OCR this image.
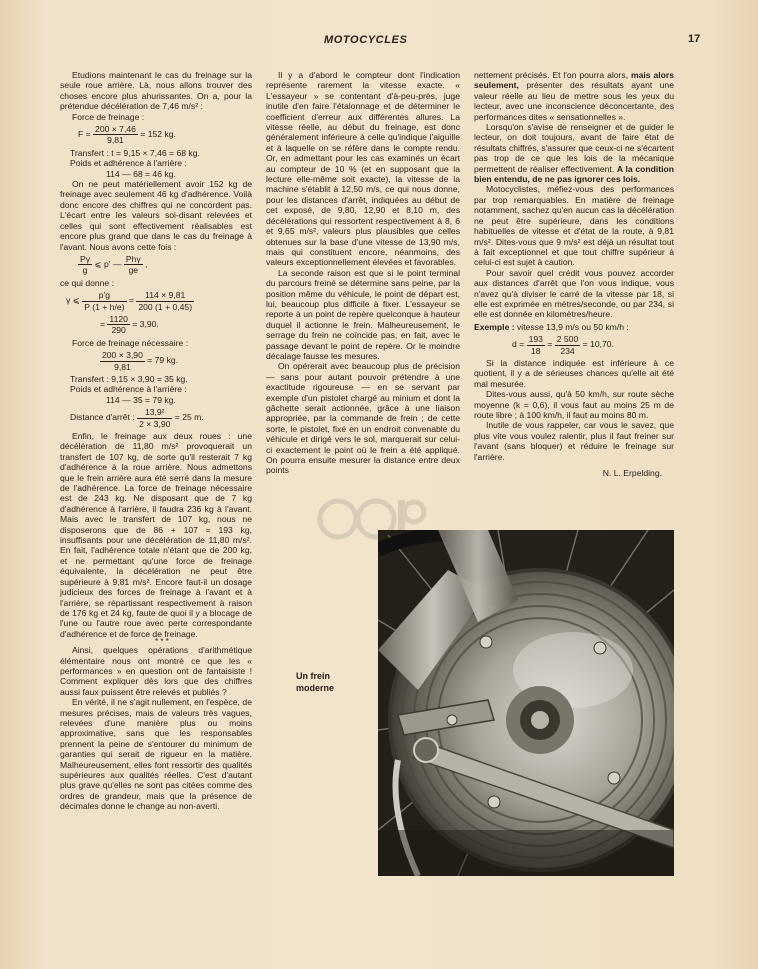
MOTOCYCLES	17

Etudions maintenant le cas du freinage sur la seule roue arrière. Là, nous allons trouver des choses encore plus ahurissantes. On a, pour la prétendue décélération de 7,46 m/s² :

Force de freinage :

$F = \frac{200 \times 7,46}{9,81} = 152$ kg.

Transfert : t = 9,15 × 7,46 = 68 kg.

Poids et adhérence à l'arrière :

114 — 68 = 46 kg.

On ne peut matériellement avoir 152 kg de freinage avec seulement 46 kg d'adhérence. Voilà donc encore des chiffres qui ne concordent pas. L'écart entre les valeurs soi-disant relevées et celles qui sont effectivement réalisables est encore plus grand que dans le cas du freinage à l'avant. Nous avons cette fois :

$\frac{P\gamma}{g}$ ⩽ p' — $\frac{\text{Phγ}}{ge}$ ,

ce qui donne :

γ ⩽ $\frac{p'g}{P (1 + h/e)} = \frac{114 \times 9,81}{200 (1 + 0,45)}$
= $\frac{1120}{290} = 3,90$.

Force de freinage nécessaire :

$\frac{200 \times 3,90}{9,81} = 79$ kg.

Transfert : 9,15 × 3,90 = 35 kg.

Poids et adhérence à l'arrière :

114 — 35 = 79 kg.

Distance d'arrêt : $\frac{\text{13,9²}}{2 \times 3,90} = 25$ m.

Enfin, le freinage aux deux roues : une décélération de 11,80 m/s² provoquerait un transfert de 107 kg, de sorte qu'il resterait 7 kg d'adhérence à la roue arrière. Nous admettons que le frein arrière aura été serré dans la mesure de l'adhérence. La force de freinage nécessaire est de 243 kg. Ne disposant que de 7 kg d'adhérence à l'arrière, il faudra 236 kg à l'avant. Mais avec le transfert de 107 kg, nous ne disposerons que de 86 + 107 = 193 kg, insuffisants pour une décélération de 11,80 m/s². En fait, l'adhérence totale n'étant que de 200 kg, et ne permettant qu'une force de freinage équivalente, la décélération ne peut être supérieure à 9,81 m/s². Encore faut-il un dosage judicieux des forces de freinage à l'avant et à l'arrière, se répartissant respectivement à raison de 176 kg et 24 kg, faute de quoi il y a blocage de l'une ou l'autre roue avec perte correspondante d'adhérence et de force de freinage.

* * *

Ainsi, quelques opérations d'arithmétique élémentaire nous ont montré ce que les « performances » en question ont de fantaisiste ! Comment expliquer dès lors que des chiffres aussi faux puissent être relevés et publiés ?

En vérité, il ne s'agit nullement, en l'espèce, de mesures précises, mais de valeurs très vagues, relevées d'une manière plus ou moins approximative, sans que les responsables prennent la peine de s'entourer du minimum de garanties qui serait de rigueur en la matière. Malheureusement, elles font ressortir des qualités supérieures aux qualités réelles. C'est d'autant plus grave qu'elles ne sont pas citées comme des ordres de grandeur, mais que la présence de décimales donne le change au non-averti.

Il y a d'abord le compteur dont l'indication représente rarement la vitesse exacte. « L'essayeur » se contentant d'à-peu-près, juge inutile d'en faire l'étalonnage et de déterminer le coefficient d'erreur aux différentes allures. La vitesse réelle, au début du freinage, est donc généralement inférieure à celle qu'indique l'aiguille et à laquelle on se réfère dans le compte rendu. Or, en admettant pour les cas examinés un écart au compteur de 10 % (et en supposant que la lecture elle-même soit exacte), la vitesse de la machine s'établit à 12,50 m/s, ce qui nous donne, pour les distances d'arrêt, indiquées au début de cet exposé, de 9,80, 12,90 et 8,10 m, des décélérations qui ressortent respectivement à 8, 6 et 9,65 m/s², valeurs plus plausibles que celles obtenues sur la base d'une vitesse de 13,90 m/s, mais qui constituent encore, néanmoins, des valeurs exceptionnellement élevées et favorables.

La seconde raison est que si le point terminal du parcours freiné se détermine sans peine, par la position même du véhicule, le point de départ est, lui, beaucoup plus difficile à fixer. L'essayeur se reporte à un point de repère quelconque à hauteur duquel il actionne le frein. Malheureusement, le serrage du frein ne coïncide pas, en fait, avec le passage devant le point de repère. Or le moindre décalage fausse les mesures.

On opérerait avec beaucoup plus de précision — sans pour autant pouvoir prétendre à une exactitude rigoureuse — en se servant par exemple d'un pistolet chargé au minium et dont la gâchette serait actionnée, grâce à une liaison appropriée, par la commande de frein ; de cette sorte, le pistolet, fixé en un endroit convenable du véhicule et dirigé vers le sol, marquerait sur celui-ci exactement le point où le frein a été appliqué. On pourra ensuite mesurer la distance entre deux points

nettement précisés. Et l'on pourra alors, mais alors seulement, présenter des résultats ayant une valeur réelle au lieu de mettre sous les yeux du lecteur, avec une inconscience déconcertante, des performances dites « sensationnelles ».

Lorsqu'on s'avise de renseigner et de guider le lecteur, on doit toujours, avant de faire état de résultats chiffrés, s'assurer que ceux-ci ne s'écartent pas trop de ce que les lois de la mécanique permettent de réaliser effectivement. A la condition bien entendu, de ne pas ignorer ces lois.

Motocyclistes, méfiez-vous des performances par trop remarquables. En matière de freinage notamment, sachez qu'en aucun cas la décélération ne peut être supérieure, dans les conditions habituelles de vitesse et d'état de la route, à 9,81 m/s². Dites-vous que 9 m/s² est déjà un résultat tout à fait exceptionnel et que tout chiffre supérieur à celui-ci est sujet à caution.

Pour savoir quel crédit vous pouvez accorder aux distances d'arrêt que l'on vous indique, vous n'avez qu'à diviser le carré de la vitesse par 18, si elle est exprimée en mètres/seconde, ou par 234, si elle est donnée en kilomètres/heure.

Exemple : vitesse 13,9 m/s ou 50 km/h :

$d = \frac{193}{18} = \frac{2 500}{234} = 10,70$.

Si la distance indiquée est inférieure à ce quotient, il y a de sérieuses chances qu'elle ait été mal mesurée.

Dites-vous aussi, qu'à 50 km/h, sur route sèche moyenne (k = 0,6), il vous faut au moins 25 m de route libre ; à 100 km/h, il faut au moins 80 m.

Inutile de vous rappeler, car vous le savez, que plus vite vous voulez ralentir, plus il faut freiner sur l'avant (sans bloquer) et réduire le freinage sur l'arrière.

N. L. Erpelding.

Un frein
moderne
